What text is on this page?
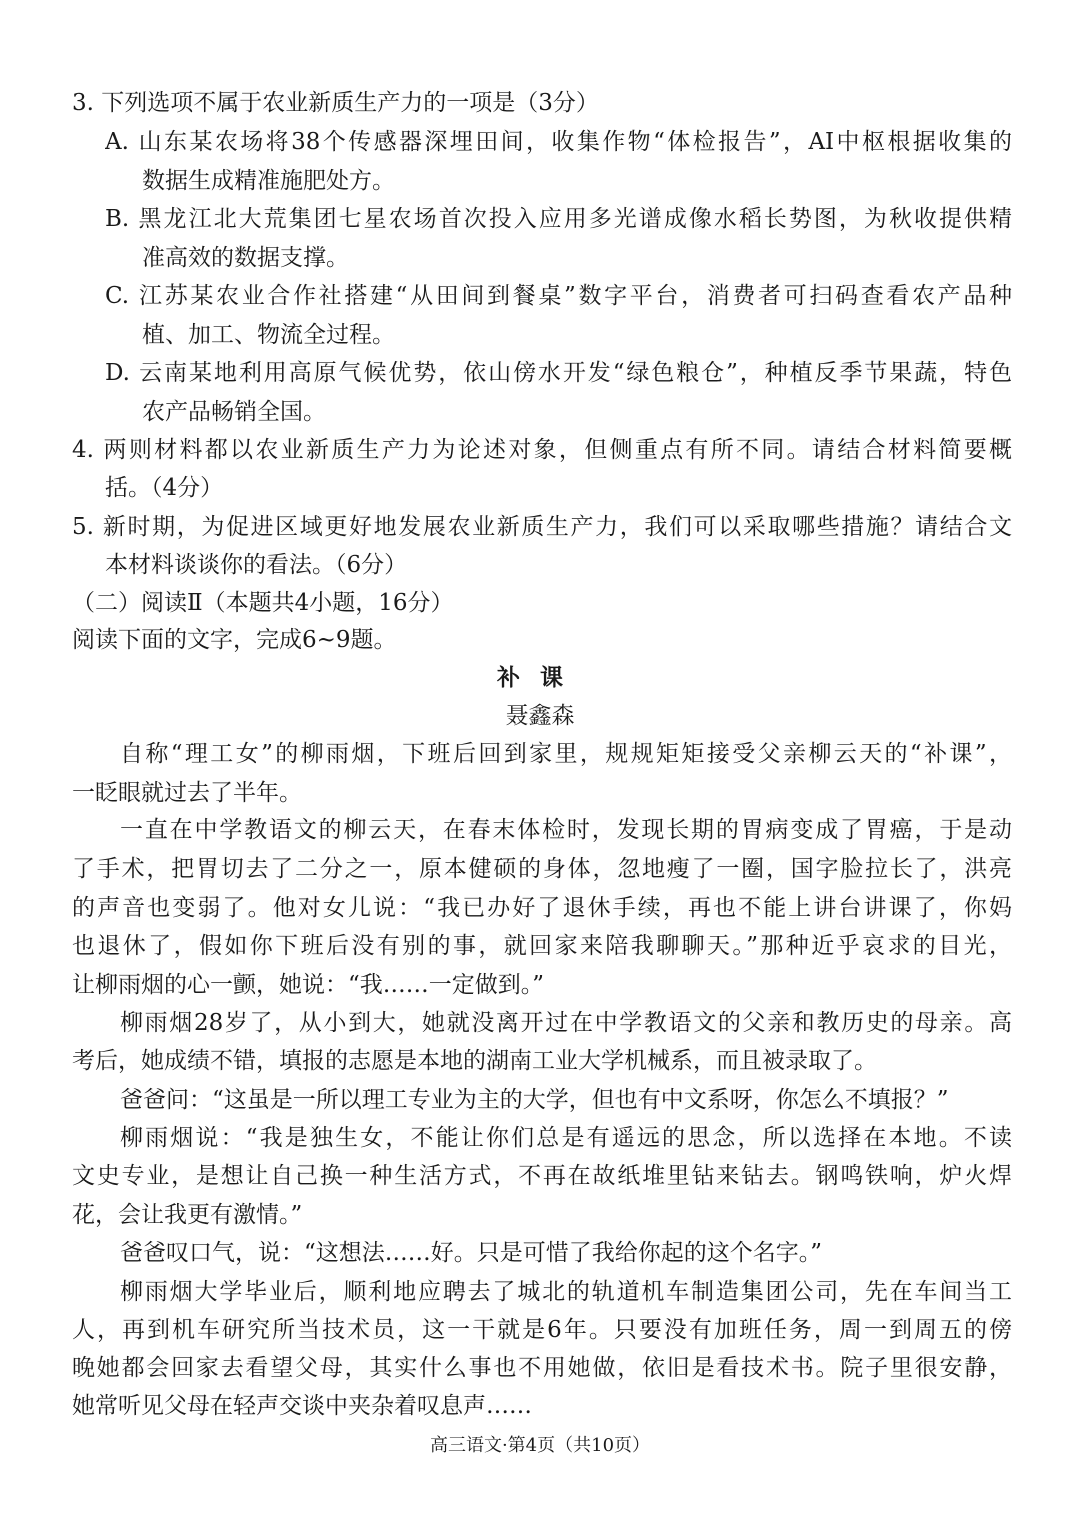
3. 下列选项不属于农业新质生产力的一项是（3分）
A. 山东某农场将38个传感器深埋田间，收集作物“体检报告”，AI中枢根据收集的
数据生成精准施肥处方。
B. 黑龙江北大荒集团七星农场首次投入应用多光谱成像水稻长势图，为秋收提供精
准高效的数据支撑。
C. 江苏某农业合作社搭建“从田间到餐桌”数字平台，消费者可扫码查看农产品种
植、加工、物流全过程。
D. 云南某地利用高原气候优势，依山傍水开发“绿色粮仓”，种植反季节果蔬，特色
农产品畅销全国。
4. 两则材料都以农业新质生产力为论述对象，但侧重点有所不同。请结合材料简要概
括。（4分）
5. 新时期，为促进区域更好地发展农业新质生产力，我们可以采取哪些措施？请结合文
本材料谈谈你的看法。（6分）
（二）阅读Ⅱ（本题共4小题，16分）
阅读下面的文字，完成6~9题。
补课
聂鑫森
自称“理工女”的柳雨烟，下班后回到家里，规规矩矩接受父亲柳云天的“补课”，
一眨眼就过去了半年。
一直在中学教语文的柳云天，在春末体检时，发现长期的胃病变成了胃癌，于是动
了手术，把胃切去了二分之一，原本健硕的身体，忽地瘦了一圈，国字脸拉长了，洪亮
的声音也变弱了。他对女儿说：“我已办好了退休手续，再也不能上讲台讲课了，你妈
也退休了，假如你下班后没有别的事，就回家来陪我聊聊天。”那种近乎哀求的目光，
让柳雨烟的心一颤，她说：“我……一定做到。”
柳雨烟28岁了，从小到大，她就没离开过在中学教语文的父亲和教历史的母亲。高
考后，她成绩不错，填报的志愿是本地的湖南工业大学机械系，而且被录取了。
爸爸问：“这虽是一所以理工专业为主的大学，但也有中文系呀，你怎么不填报？”
柳雨烟说：“我是独生女，不能让你们总是有遥远的思念，所以选择在本地。不读
文史专业，是想让自己换一种生活方式，不再在故纸堆里钻来钻去。钢鸣铁响，炉火焊
花，会让我更有激情。”
爸爸叹口气，说：“这想法……好。只是可惜了我给你起的这个名字。”
柳雨烟大学毕业后，顺利地应聘去了城北的轨道机车制造集团公司，先在车间当工
人，再到机车研究所当技术员，这一干就是6年。只要没有加班任务，周一到周五的傍
晚她都会回家去看望父母，其实什么事也不用她做，依旧是看技术书。院子里很安静，
她常听见父母在轻声交谈中夹杂着叹息声……
高三语文·第4页（共10页）
